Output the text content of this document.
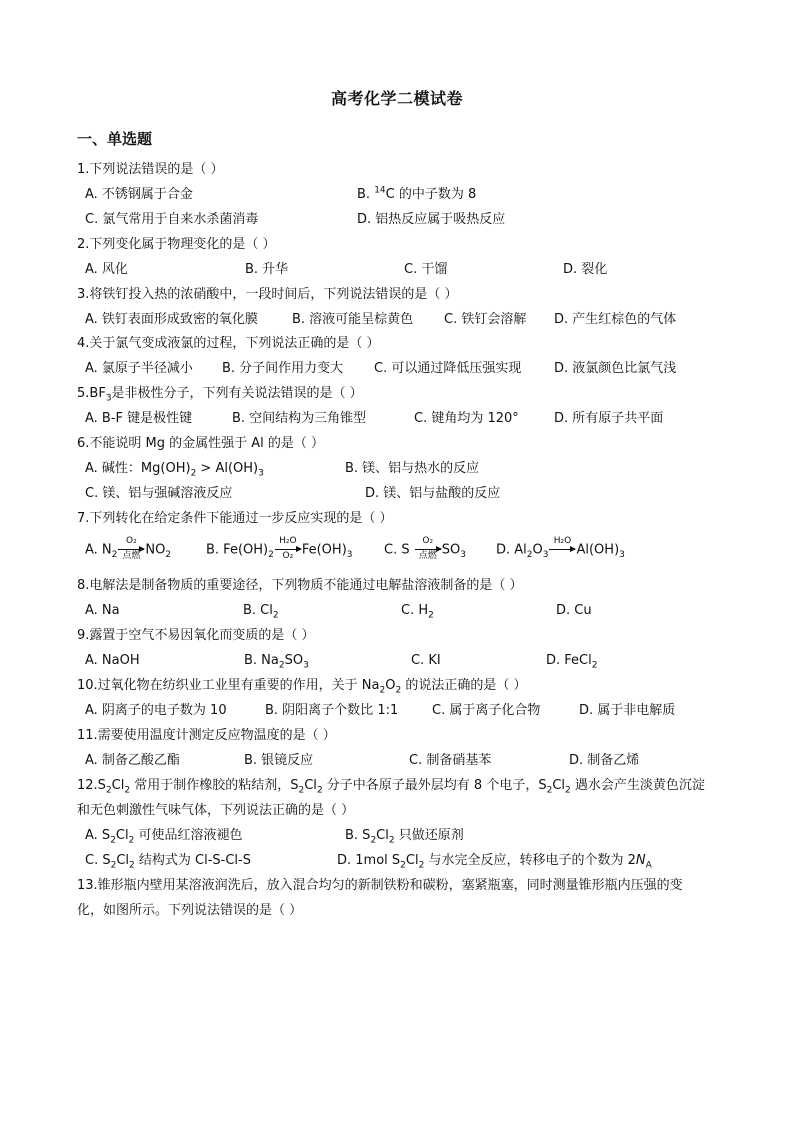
高考化学二模试卷
一、单选题
1.下列说法错误的是（ ）
A. 不锈钢属于合金	B. $^{14}$C 的中子数为 8
C. 氯气常用于自来水杀菌消毒	D. 铝热反应属于吸热反应
2.下列变化属于物理变化的是（ ）
A. 风化	B. 升华	C. 干馏	D. 裂化
3.将铁钉投入热的浓硝酸中，一段时间后，下列说法错误的是（ ）
A. 铁钉表面形成致密的氧化膜	B. 溶液可能呈棕黄色 C. 铁钉会溶解 D. 产生红棕色的气体
4.关于氯气变成液氯的过程，下列说法正确的是（ ）
A. 氯原子半径减小 B. 分子间作用力变大 C. 可以通过降低压强实现	D. 液氯颜色比氯气浅
$5.BF_3$是非极性分子，下列有关说法错误的是（ ）
A. B-F 键是极性键	B. 空间结构为三角锥型	C. 键角均为 120°	D. 所有原子共平面
6.不能说明 Mg 的金属性强于 Al 的是（ ）
A. 碱性：$Mg(OH)_2 > Al(OH)_3$	B. 镁、铝与热水的反应
C. 镁、铝与强碱溶液反应	D. 镁、铝与盐酸的反应
7.下列转化在给定条件下能通过一步反应实现的是（ ）
A. $N_2$
O₂
点燃 $NO_2$	B. $Fe(OH)_2 \frac{\text{H₂O}}{\text{O₂}} Fe(OH)_3$ C. S
O₂
点燃 $SO_3$ D. $Al_2O_3$
H₂O
$Al(OH)_3$
8.电解法是制备物质的重要途径，下列物质不能通过电解盐溶液制备的是（ ）
A. Na	B. $Cl_2$	C. $H_2$	D. Cu
9.露置于空气不易因氧化而变质的是（ ）
A. NaOH	B. $Na_2SO_3$	C. KI	D. FeCl$_2$
10.过氧化物在纺织业工业里有重要的作用，关于 $Na_2O_2$ 的说法正确的是（ ）
A. 阴离子的电子数为 10	B. 阴阳离子个数比 1:1	C. 属于离子化合物	D. 属于非电解质
11.需要使用温度计测定反应物温度的是（ ）
A. 制备乙酸乙酯	B. 银镜反应	C. 制备硝基苯	D. 制备乙烯
$12.S_2Cl_2$ 常用于制作橡胶的粘结剂，$S_2Cl_2$ 分子中各原子最外层均有 8 个电子，$S_2Cl_2$ 遇水会产生淡黄色沉淀
和无色刺激性气味气体，下列说法正确的是（ ）
A. $S_2Cl_2$ 可使品红溶液褪色	B. $S_2Cl_2$ 只做还原剂
C. $S_2Cl_2$ 结构式为 Cl-S-Cl-S	D. 1mol $S_2Cl_2$ 与水完全反应，转移电子的个数为 $2N_A$
13.锥形瓶内壁用某溶液润洗后，放入混合均匀的新制铁粉和碳粉，塞紧瓶塞，同时测量锥形瓶内压强的变
化，如图所示。下列说法错误的是（ ）
